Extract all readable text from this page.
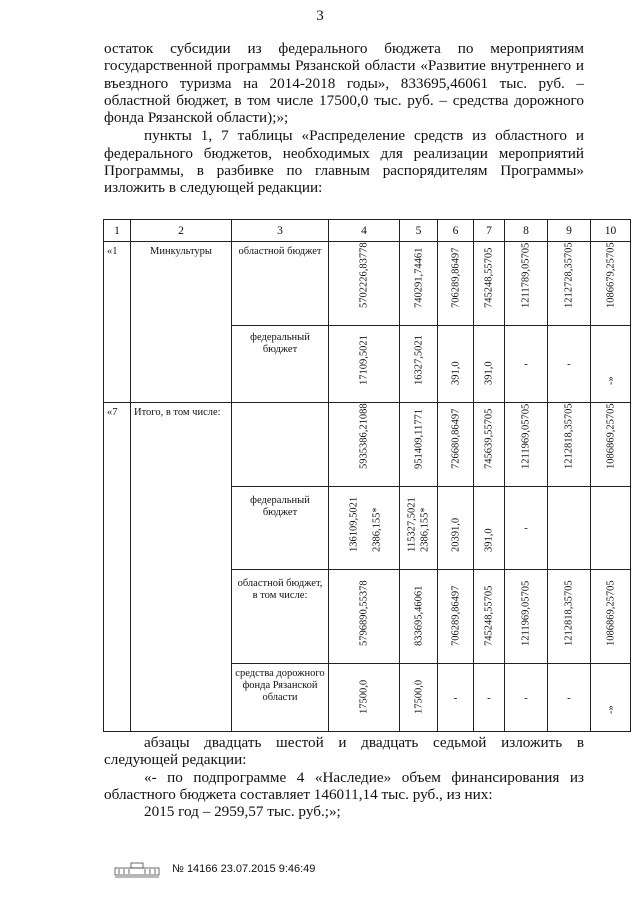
3

остаток субсидии из федерального бюджета по мероприятиям государственной программы Рязанской области «Развитие внутреннего и въездного туризма на 2014-2018 годы», 833695,46061 тыс. руб. – областной бюджет, в том числе 17500,0 тыс. руб. – средства дорожного фонда Рязанской области);»;

пункты 1, 7 таблицы «Распределение средств из областного и федерального бюджетов, необходимых для реализации мероприятий Программы, в разбивке по главным распорядителям Программы» изложить в следующей редакции:

1	2	3	4	5	6	7	8	9	10
«1	Минкультуры	областной бюджет	5702226,83778	740291,74461	706289,86497	745248,55705	1211789,05705	1212728,35705	1086679,25705

		федеральный бюджет	17109,5021	16327,5021	391,0	391,0	-	-	-»

«7	Итого, в том числе:		5935386,21088	951409,11771	726680,86497	745639,55705	1211969,05705	1212818,35705	1086869,25705

		федеральный бюджет	136109,5021 2386,155*	115327,5021 2386,155*	20391,0	391,0	-		

		областной бюджет, в том числе:	5796890,55378	833695,46061	706289,86497	745248,55705	1211969,05705	1212818,35705	1086869,25705

		средства дорожного фонда Рязанской области	17500,0	17500,0	-	-	-	-	-»

абзацы двадцать шестой и двадцать седьмой изложить в следующей редакции:

«- по подпрограмме 4 «Наследие» объем финансирования из областного бюджета составляет 146011,14 тыс. руб., из них:

2015 год – 2959,57 тыс. руб.;»;

№ 14166 23.07.2015 9:46:49
